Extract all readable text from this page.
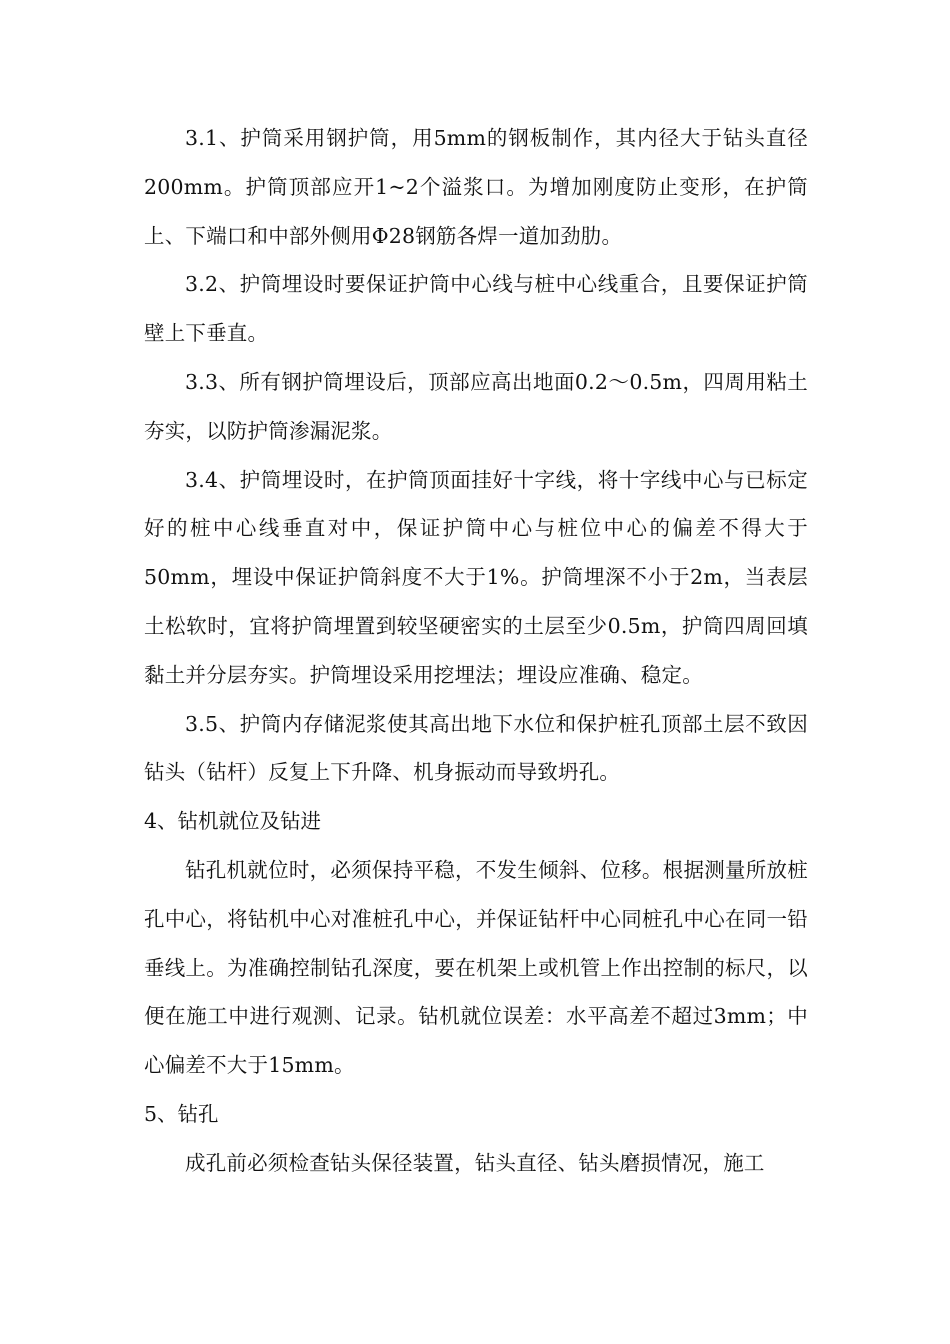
3.1、护筒采用钢护筒，用5mm的钢板制作，其内径大于钻头直径200mm。护筒顶部应开1~2个溢浆口。为增加刚度防止变形，在护筒上、下端口和中部外侧用Φ28钢筋各焊一道加劲肋。

3.2、护筒埋设时要保证护筒中心线与桩中心线重合，且要保证护筒壁上下垂直。

3.3、所有钢护筒埋设后，顶部应高出地面0.2～0.5m，四周用粘土夯实，以防护筒渗漏泥浆。

3.4、护筒埋设时，在护筒顶面挂好十字线，将十字线中心与已标定好的桩中心线垂直对中，保证护筒中心与桩位中心的偏差不得大于50mm，埋设中保证护筒斜度不大于1%。护筒埋深不小于2m，当表层土松软时，宜将护筒埋置到较坚硬密实的土层至少0.5m，护筒四周回填黏土并分层夯实。护筒埋设采用挖埋法；埋设应准确、稳定。

3.5、护筒内存储泥浆使其高出地下水位和保护桩孔顶部土层不致因钻头（钻杆）反复上下升降、机身振动而导致坍孔。

4、钻机就位及钻进

钻孔机就位时，必须保持平稳，不发生倾斜、位移。根据测量所放桩孔中心，将钻机中心对准桩孔中心，并保证钻杆中心同桩孔中心在同一铅垂线上。为准确控制钻孔深度，要在机架上或机管上作出控制的标尺，以便在施工中进行观测、记录。钻机就位误差：水平高差不超过3mm；中心偏差不大于15mm。

5、钻孔

成孔前必须检查钻头保径装置，钻头直径、钻头磨损情况，施工
